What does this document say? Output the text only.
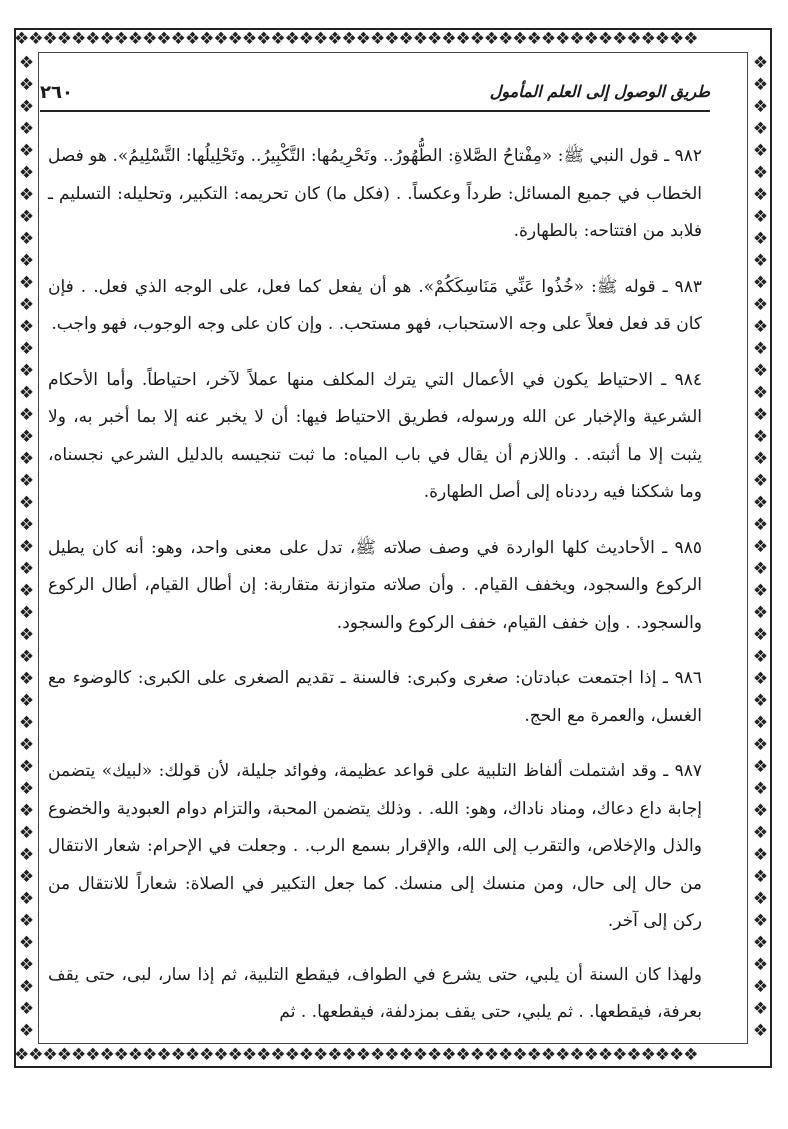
❖❖❖❖❖❖❖❖❖❖❖❖❖❖❖❖❖❖❖❖❖❖❖❖❖❖❖❖❖❖❖❖❖❖❖❖❖❖❖❖❖❖❖❖❖❖❖❖
❖❖❖❖❖❖❖❖❖❖❖❖❖❖❖❖❖❖❖❖❖❖❖❖❖❖❖❖❖❖❖❖❖❖❖❖❖❖❖❖❖❖❖❖❖❖❖❖
❖❖❖❖❖❖❖❖❖❖❖❖❖❖❖❖❖❖❖❖❖❖❖❖❖❖❖❖❖❖❖❖❖❖❖❖❖❖❖❖❖❖❖❖❖
❖❖❖❖❖❖❖❖❖❖❖❖❖❖❖❖❖❖❖❖❖❖❖❖❖❖❖❖❖❖❖❖❖❖❖❖❖❖❖❖❖❖❖❖❖
طريق الوصول إلى العلم المأمول
٢٦٠

٩٨٢ ـ قول النبي ﷺ: «مِفْتاحُ الصَّلاةِ: الطُّهُورُ.. وتَحْرِيمُها: التَّكْبِيرُ.. وتَحْلِيلُها: التَّسْلِيمُ». هو فصل الخطاب في جميع المسائل: طرداً وعكساً. . (فكل ما) كان تحريمه: التكبير، وتحليله: التسليم ـ فلابد من افتتاحه: بالطهارة.

٩٨٣ ـ قوله ﷺ: «خُذُوا عَنِّي مَنَاسِكَكُمْ». هو أن يفعل كما فعل، على الوجه الذي فعل. . فإن كان قد فعل فعلاً على وجه الاستحباب، فهو مستحب. . وإن كان على وجه الوجوب، فهو واجب.

٩٨٤ ـ الاحتياط يكون في الأعمال التي يترك المكلف منها عملاً لآخر، احتياطاً. وأما الأحكام الشرعية والإخبار عن الله ورسوله، فطريق الاحتياط فيها: أن لا يخبر عنه إلا بما أخبر به، ولا يثبت إلا ما أثبته. . واللازم أن يقال في باب المياه: ما ثبت تنجيسه بالدليل الشرعي نجسناه، وما شككنا فيه رددناه إلى أصل الطهارة.

٩٨٥ ـ الأحاديث كلها الواردة في وصف صلاته ﷺ، تدل على معنى واحد، وهو: أنه كان يطيل الركوع والسجود، ويخفف القيام. . وأن صلاته متوازنة متقاربة: إن أطال القيام، أطال الركوع والسجود. . وإن خفف القيام، خفف الركوع والسجود.

٩٨٦ ـ إذا اجتمعت عبادتان: صغرى وكبرى: فالسنة ـ تقديم الصغرى على الكبرى: كالوضوء مع الغسل، والعمرة مع الحج.

٩٨٧ ـ وقد اشتملت ألفاظ التلبية على قواعد عظيمة، وفوائد جليلة، لأن قولك: «لبيك» يتضمن إجابة داع دعاك، ومناد ناداك، وهو: الله. . وذلك يتضمن المحبة، والتزام دوام العبودية والخضوع والذل والإخلاص، والتقرب إلى الله، والإقرار بسمع الرب. . وجعلت في الإحرام: شعار الانتقال من حال إلى حال، ومن منسك إلى منسك. كما جعل التكبير في الصلاة: شعاراً للانتقال من ركن إلى آخر.

ولهذا كان السنة أن يلبي، حتى يشرع في الطواف، فيقطع التلبية، ثم إذا سار، لبى، حتى يقف بعرفة، فيقطعها. . ثم يلبي، حتى يقف بمزدلفة، فيقطعها. . ثم
